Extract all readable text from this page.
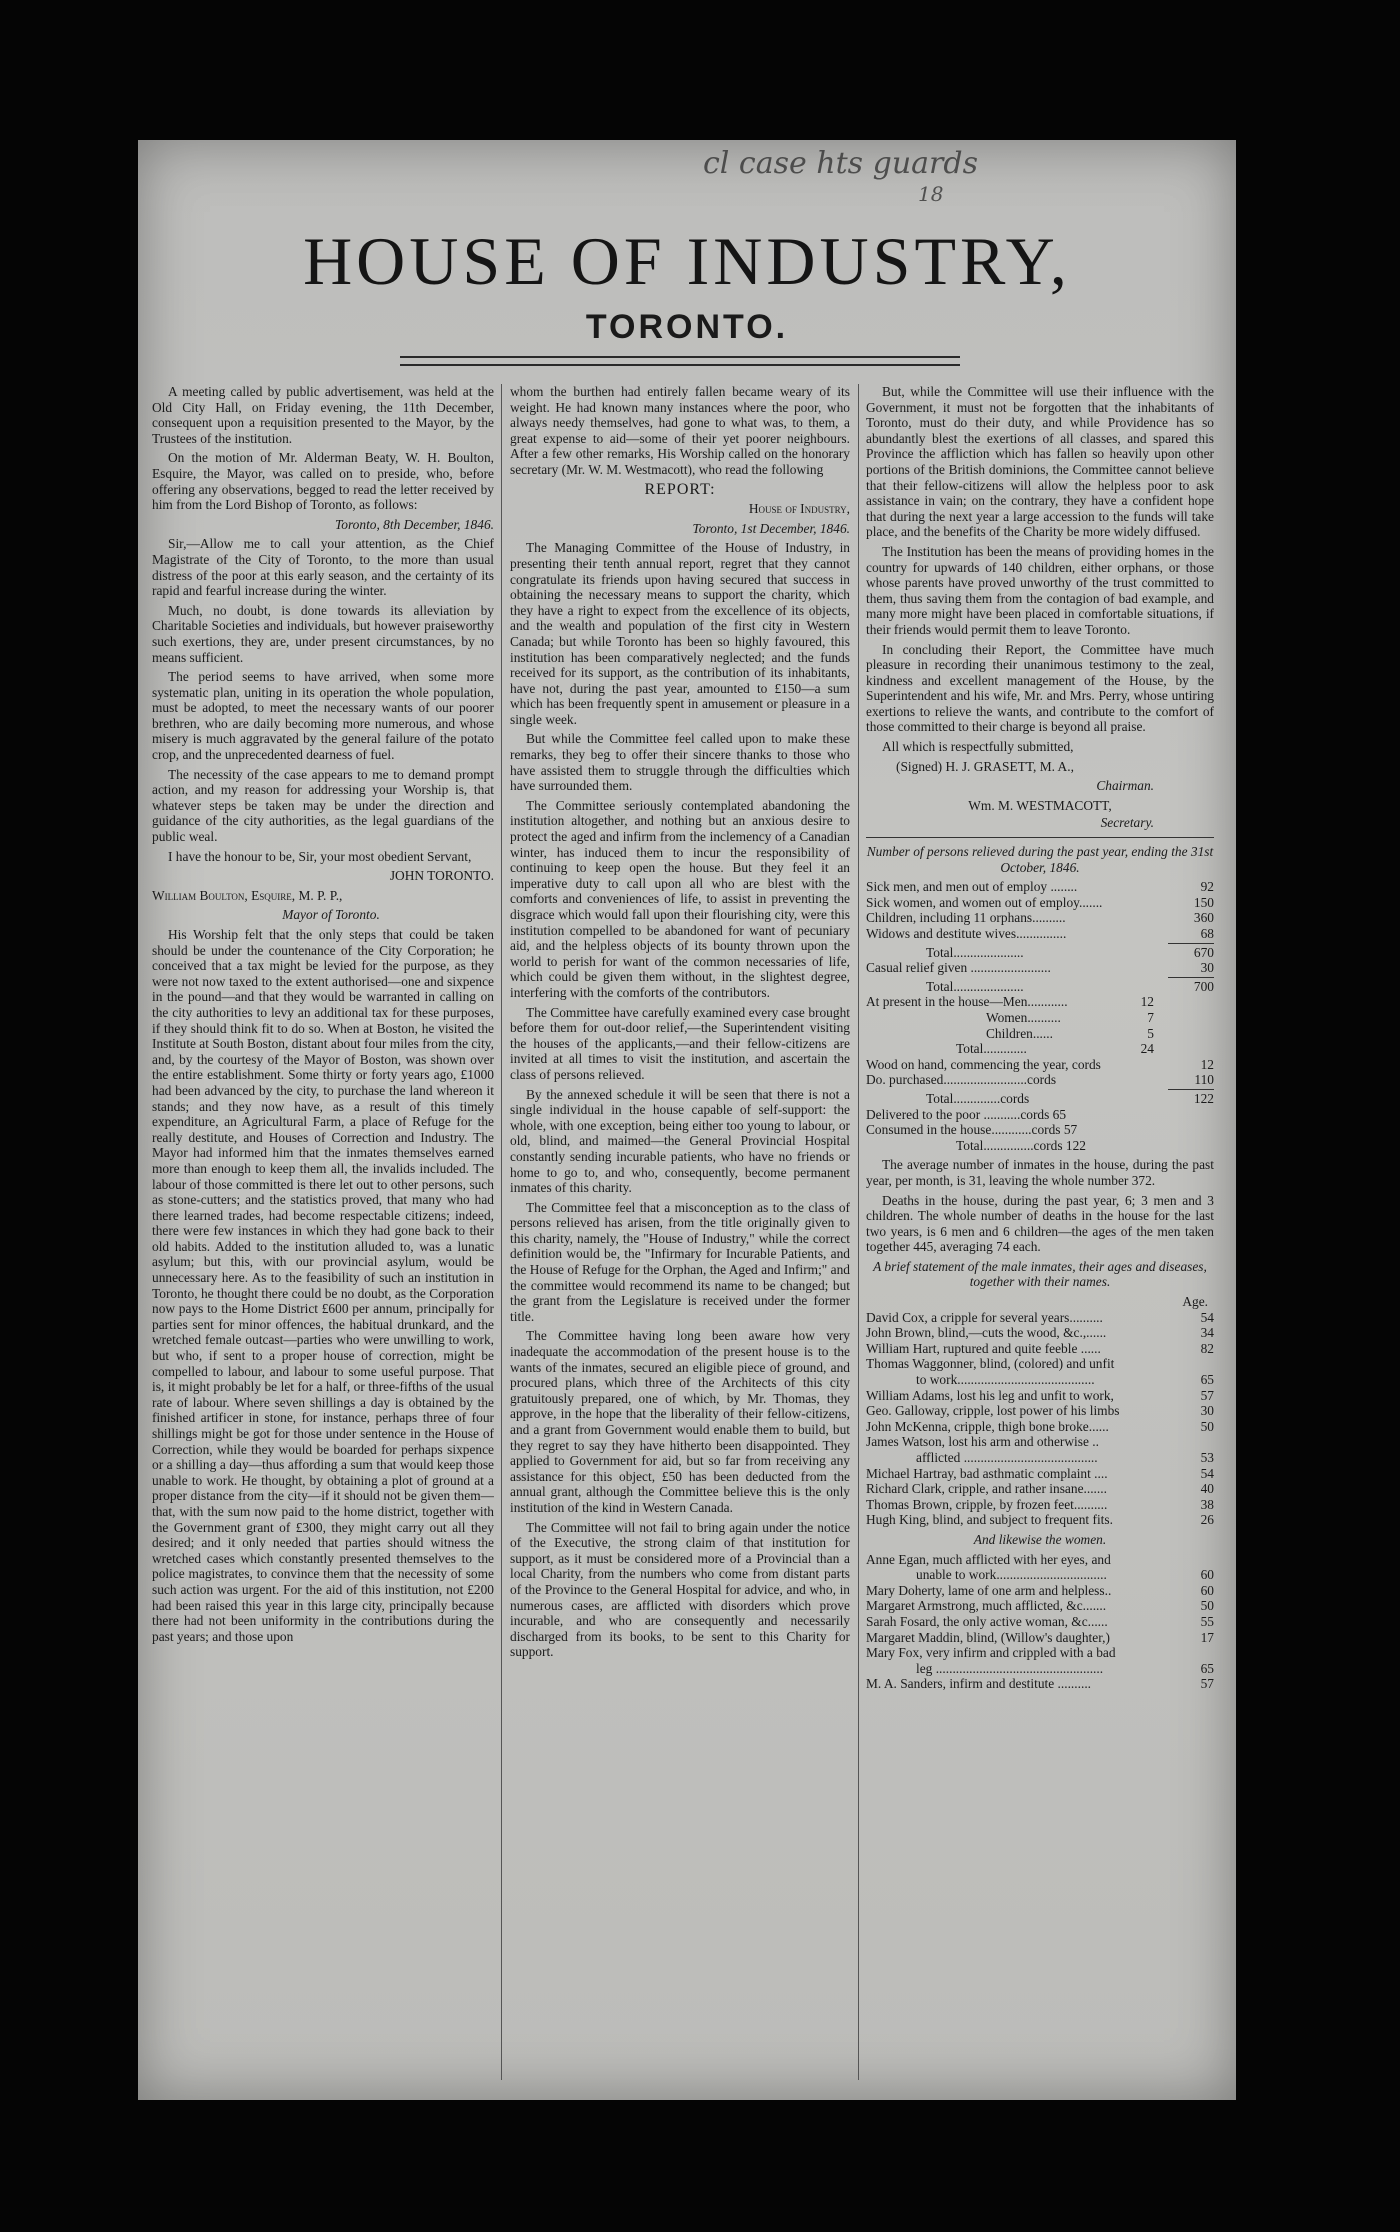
cl case hts guards
18
HOUSE OF INDUSTRY,
TORONTO.

A meeting called by public advertisement, was held at the Old City Hall, on Friday evening, the 11th December, consequent upon a requisition presented to the Mayor, by the Trustees of the institution.

On the motion of Mr. Alderman Beaty, W. H. Boulton, Esquire, the Mayor, was called on to preside, who, before offering any observations, begged to read the letter received by him from the Lord Bishop of Toronto, as follows:

Toronto, 8th December, 1846.

Sir,—Allow me to call your attention, as the Chief Magistrate of the City of Toronto, to the more than usual distress of the poor at this early season, and the certainty of its rapid and fearful increase during the winter.

Much, no doubt, is done towards its alleviation by Charitable Societies and individuals, but however praiseworthy such exertions, they are, under present circumstances, by no means sufficient.

The period seems to have arrived, when some more systematic plan, uniting in its operation the whole population, must be adopted, to meet the necessary wants of our poorer brethren, who are daily becoming more numerous, and whose misery is much aggravated by the general failure of the potato crop, and the unprecedented dearness of fuel.

The necessity of the case appears to me to demand prompt action, and my reason for addressing your Worship is, that whatever steps be taken may be under the direction and guidance of the city authorities, as the legal guardians of the public weal.

I have the honour to be, Sir, your most obedient Servant,

JOHN TORONTO.

William Boulton, Esquire, M. P. P.,

Mayor of Toronto.

His Worship felt that the only steps that could be taken should be under the countenance of the City Corporation; he conceived that a tax might be levied for the purpose, as they were not now taxed to the extent authorised—one and sixpence in the pound—and that they would be warranted in calling on the city authorities to levy an additional tax for these purposes, if they should think fit to do so. When at Boston, he visited the Institute at South Boston, distant about four miles from the city, and, by the courtesy of the Mayor of Boston, was shown over the entire establishment. Some thirty or forty years ago, £1000 had been advanced by the city, to purchase the land whereon it stands; and they now have, as a result of this timely expenditure, an Agricultural Farm, a place of Refuge for the really destitute, and Houses of Correction and Industry. The Mayor had informed him that the inmates themselves earned more than enough to keep them all, the invalids included. The labour of those committed is there let out to other persons, such as stone-cutters; and the statistics proved, that many who had there learned trades, had become respectable citizens; indeed, there were few instances in which they had gone back to their old habits. Added to the institution alluded to, was a lunatic asylum; but this, with our provincial asylum, would be unnecessary here. As to the feasibility of such an institution in Toronto, he thought there could be no doubt, as the Corporation now pays to the Home District £600 per annum, principally for parties sent for minor offences, the habitual drunkard, and the wretched female outcast—parties who were unwilling to work, but who, if sent to a proper house of correction, might be compelled to labour, and labour to some useful purpose. That is, it might probably be let for a half, or three-fifths of the usual rate of labour. Where seven shillings a day is obtained by the finished artificer in stone, for instance, perhaps three of four shillings might be got for those under sentence in the House of Correction, while they would be boarded for perhaps sixpence or a shilling a day—thus affording a sum that would keep those unable to work. He thought, by obtaining a plot of ground at a proper distance from the city—if it should not be given them—that, with the sum now paid to the home district, together with the Government grant of £300, they might carry out all they desired; and it only needed that parties should witness the wretched cases which constantly presented themselves to the police magistrates, to convince them that the necessity of some such action was urgent. For the aid of this institution, not £200 had been raised this year in this large city, principally because there had not been uniformity in the contributions during the past years; and those upon

whom the burthen had entirely fallen became weary of its weight. He had known many instances where the poor, who always needy themselves, had gone to what was, to them, a great expense to aid—some of their yet poorer neighbours. After a few other remarks, His Worship called on the honorary secretary (Mr. W. M. Westmacott), who read the following

REPORT:

House of Industry,

Toronto, 1st December, 1846.

The Managing Committee of the House of Industry, in presenting their tenth annual report, regret that they cannot congratulate its friends upon having secured that success in obtaining the necessary means to support the charity, which they have a right to expect from the excellence of its objects, and the wealth and population of the first city in Western Canada; but while Toronto has been so highly favoured, this institution has been comparatively neglected; and the funds received for its support, as the contribution of its inhabitants, have not, during the past year, amounted to £150—a sum which has been frequently spent in amusement or pleasure in a single week.

But while the Committee feel called upon to make these remarks, they beg to offer their sincere thanks to those who have assisted them to struggle through the difficulties which have surrounded them.

The Committee seriously contemplated abandoning the institution altogether, and nothing but an anxious desire to protect the aged and infirm from the inclemency of a Canadian winter, has induced them to incur the responsibility of continuing to keep open the house. But they feel it an imperative duty to call upon all who are blest with the comforts and conveniences of life, to assist in preventing the disgrace which would fall upon their flourishing city, were this institution compelled to be abandoned for want of pecuniary aid, and the helpless objects of its bounty thrown upon the world to perish for want of the common necessaries of life, which could be given them without, in the slightest degree, interfering with the comforts of the contributors.

The Committee have carefully examined every case brought before them for out-door relief,—the Superintendent visiting the houses of the applicants,—and their fellow-citizens are invited at all times to visit the institution, and ascertain the class of persons relieved.

By the annexed schedule it will be seen that there is not a single individual in the house capable of self-support: the whole, with one exception, being either too young to labour, or old, blind, and maimed—the General Provincial Hospital constantly sending incurable patients, who have no friends or home to go to, and who, consequently, become permanent inmates of this charity.

The Committee feel that a misconception as to the class of persons relieved has arisen, from the title originally given to this charity, namely, the "House of Industry," while the correct definition would be, the "Infirmary for Incurable Patients, and the House of Refuge for the Orphan, the Aged and Infirm;" and the committee would recommend its name to be changed; but the grant from the Legislature is received under the former title.

The Committee having long been aware how very inadequate the accommodation of the present house is to the wants of the inmates, secured an eligible piece of ground, and procured plans, which three of the Architects of this city gratuitously prepared, one of which, by Mr. Thomas, they approve, in the hope that the liberality of their fellow-citizens, and a grant from Government would enable them to build, but they regret to say they have hitherto been disappointed. They applied to Government for aid, but so far from receiving any assistance for this object, £50 has been deducted from the annual grant, although the Committee believe this is the only institution of the kind in Western Canada.

The Committee will not fail to bring again under the notice of the Executive, the strong claim of that institution for support, as it must be considered more of a Provincial than a local Charity, from the numbers who come from distant parts of the Province to the General Hospital for advice, and who, in numerous cases, are afflicted with disorders which prove incurable, and who are consequently and necessarily discharged from its books, to be sent to this Charity for support.

But, while the Committee will use their influence with the Government, it must not be forgotten that the inhabitants of Toronto, must do their duty, and while Providence has so abundantly blest the exertions of all classes, and spared this Province the affliction which has fallen so heavily upon other portions of the British dominions, the Committee cannot believe that their fellow-citizens will allow the helpless poor to ask assistance in vain; on the contrary, they have a confident hope that during the next year a large accession to the funds will take place, and the benefits of the Charity be more widely diffused.

The Institution has been the means of providing homes in the country for upwards of 140 children, either orphans, or those whose parents have proved unworthy of the trust committed to them, thus saving them from the contagion of bad example, and many more might have been placed in comfortable situations, if their friends would permit them to leave Toronto.

In concluding their Report, the Committee have much pleasure in recording their unanimous testimony to the zeal, kindness and excellent management of the House, by the Superintendent and his wife, Mr. and Mrs. Perry, whose untiring exertions to relieve the wants, and contribute to the comfort of those committed to their charge is beyond all praise.

All which is respectfully submitted,

(Signed) H. J. GRASETT, M. A.,

Chairman.

Wm. M. WESTMACOTT,

Secretary.

Number of persons relieved during the past year, ending the 31st October, 1846.

Sick men, and men out of employ ........	92
Sick women, and women out of employ.......	150
Children, including 11 orphans..........	360
Widows and destitute wives...............	68
Total.....................	670
Casual relief given ........................	30
Total.....................	700
At present in the house—Men............	12
Women..........	7
Children......	5
Total.............	24
Wood on hand, commencing the year, cords	12
Do. purchased.........................cords	110
Total..............cords	122
Delivered to the poor ...........cords 65
Consumed in the house............cords 57
Total...............cords 122

The average number of inmates in the house, during the past year, per month, is 31, leaving the whole number 372.

Deaths in the house, during the past year, 6; 3 men and 3 children. The whole number of deaths in the house for the last two years, is 6 men and 6 children—the ages of the men taken together 445, averaging 74 each.

A brief statement of the male inmates, their ages and diseases, together with their names.

Age.
David Cox, a cripple for several years..........	54
John Brown, blind,—cuts the wood, &c.,......	34
William Hart, ruptured and quite feeble ......	82
Thomas Waggonner, blind, (colored) and unfit
to work.........................................	65
William Adams, lost his leg and unfit to work,	57
Geo. Galloway, cripple, lost power of his limbs	30
John McKenna, cripple, thigh bone broke......	50
James Watson, lost his arm and otherwise ..
afflicted ........................................	53
Michael Hartray, bad asthmatic complaint ....	54
Richard Clark, cripple, and rather insane.......	40
Thomas Brown, cripple, by frozen feet..........	38
Hugh King, blind, and subject to frequent fits.	26
And likewise the women.
Anne Egan, much afflicted with her eyes, and
unable to work.................................	60
Mary Doherty, lame of one arm and helpless..	60
Margaret Armstrong, much afflicted, &c.......	50
Sarah Fosard, the only active woman, &c......	55
Margaret Maddin, blind, (Willow's daughter,)	17
Mary Fox, very infirm and crippled with a bad
leg ..................................................	65
M. A. Sanders, infirm and destitute ..........	57
